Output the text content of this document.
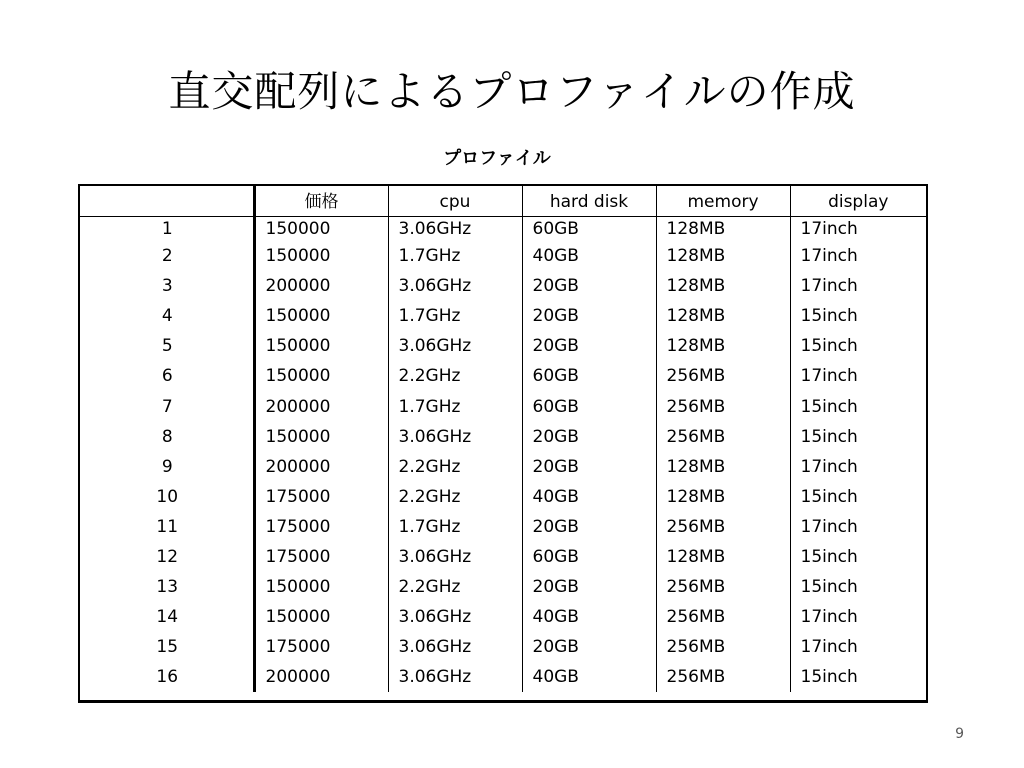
直交配列によるプロファイルの作成
プロファイル
	価格	cpu	hard disk	memory	display
1	150000	3.06GHz	60GB	128MB	17inch
2	150000	1.7GHz	40GB	128MB	17inch
3	200000	3.06GHz	20GB	128MB	17inch
4	150000	1.7GHz	20GB	128MB	15inch
5	150000	3.06GHz	20GB	128MB	15inch
6	150000	2.2GHz	60GB	256MB	17inch
7	200000	1.7GHz	60GB	256MB	15inch
8	150000	3.06GHz	20GB	256MB	15inch
9	200000	2.2GHz	20GB	128MB	17inch
10	175000	2.2GHz	40GB	128MB	15inch
11	175000	1.7GHz	20GB	256MB	17inch
12	175000	3.06GHz	60GB	128MB	15inch
13	150000	2.2GHz	20GB	256MB	15inch
14	150000	3.06GHz	40GB	256MB	17inch
15	175000	3.06GHz	20GB	256MB	17inch
16	200000	3.06GHz	40GB	256MB	15inch
9
